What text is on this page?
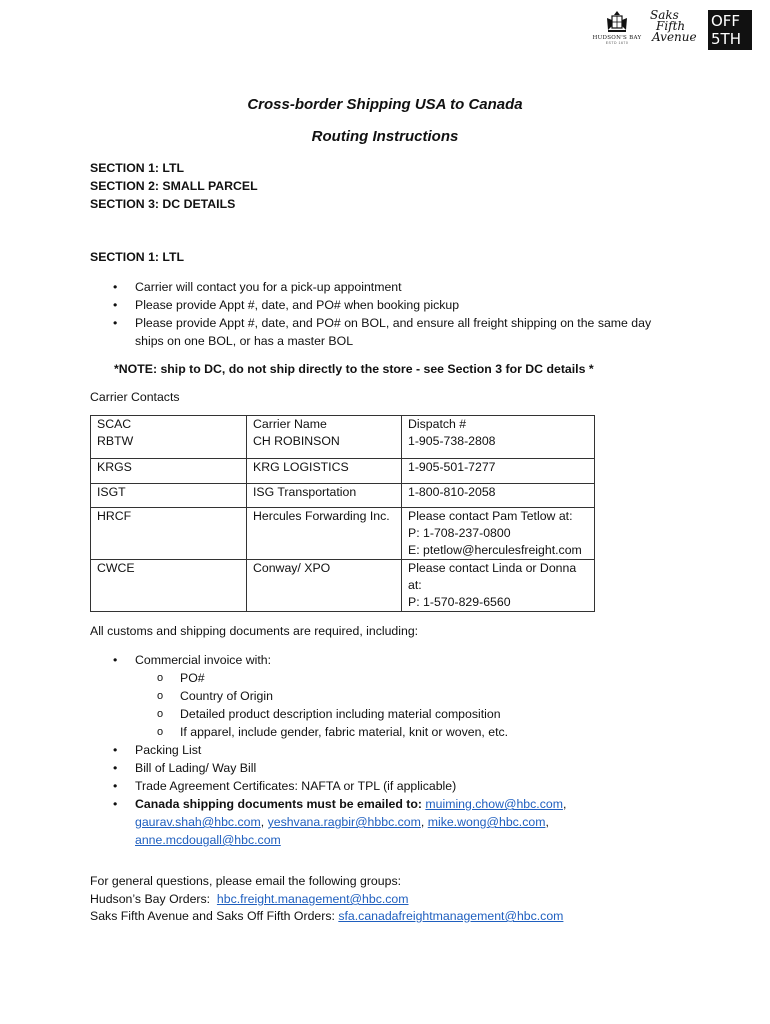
HUDSON'S BAY
ESTD 1670
Saks
Fifth
Avenue
OFF
5TH
Cross-border Shipping USA to Canada
Routing Instructions
SECTION 1: LTL
SECTION 2: SMALL PARCEL
SECTION 3: DC DETAILS
SECTION 1: LTL
• Carrier will contact you for a pick-up appointment
• Please provide Appt #, date, and PO# when booking pickup
• Please provide Appt #, date, and PO# on BOL, and ensure all freight shipping on the same day
ships on one BOL, or has a master BOL
*NOTE: ship to DC, do not ship directly to the store - see Section 3 for DC details *
Carrier Contacts
SCAC	Carrier Name	Dispatch #
RBTW	CH ROBINSON	1-905-738-2808
KRGS	KRG LOGISTICS	1-905-501-7277
ISGT	ISG Transportation	1-800-810-2058
HRCF	Hercules Forwarding Inc.	Please contact Pam Tetlow at:
P: 1-708-237-0800
E: ptetlow@herculesfreight.com

CWCE	Conway/ XPO	Please contact Linda or Donna at:
P: 1-570-829-6560
All customs and shipping documents are required, including:
• Commercial invoice with:
o PO#
o Country of Origin
o Detailed product description including material composition
o If apparel, include gender, fabric material, knit or woven, etc.
• Packing List
• Bill of Lading/ Way Bill
• Trade Agreement Certificates: NAFTA or TPL (if applicable)
• Canada shipping documents must be emailed to: muiming.chow@hbc.com,
gaurav.shah@hbc.com, yeshvana.ragbir@hbbc.com, mike.wong@hbc.com,
anne.mcdougall@hbc.com
For general questions, please email the following groups:
Hudson’s Bay Orders: hbc.freight.management@hbc.com
Saks Fifth Avenue and Saks Off Fifth Orders: sfa.canadafreightmanagement@hbc.com
